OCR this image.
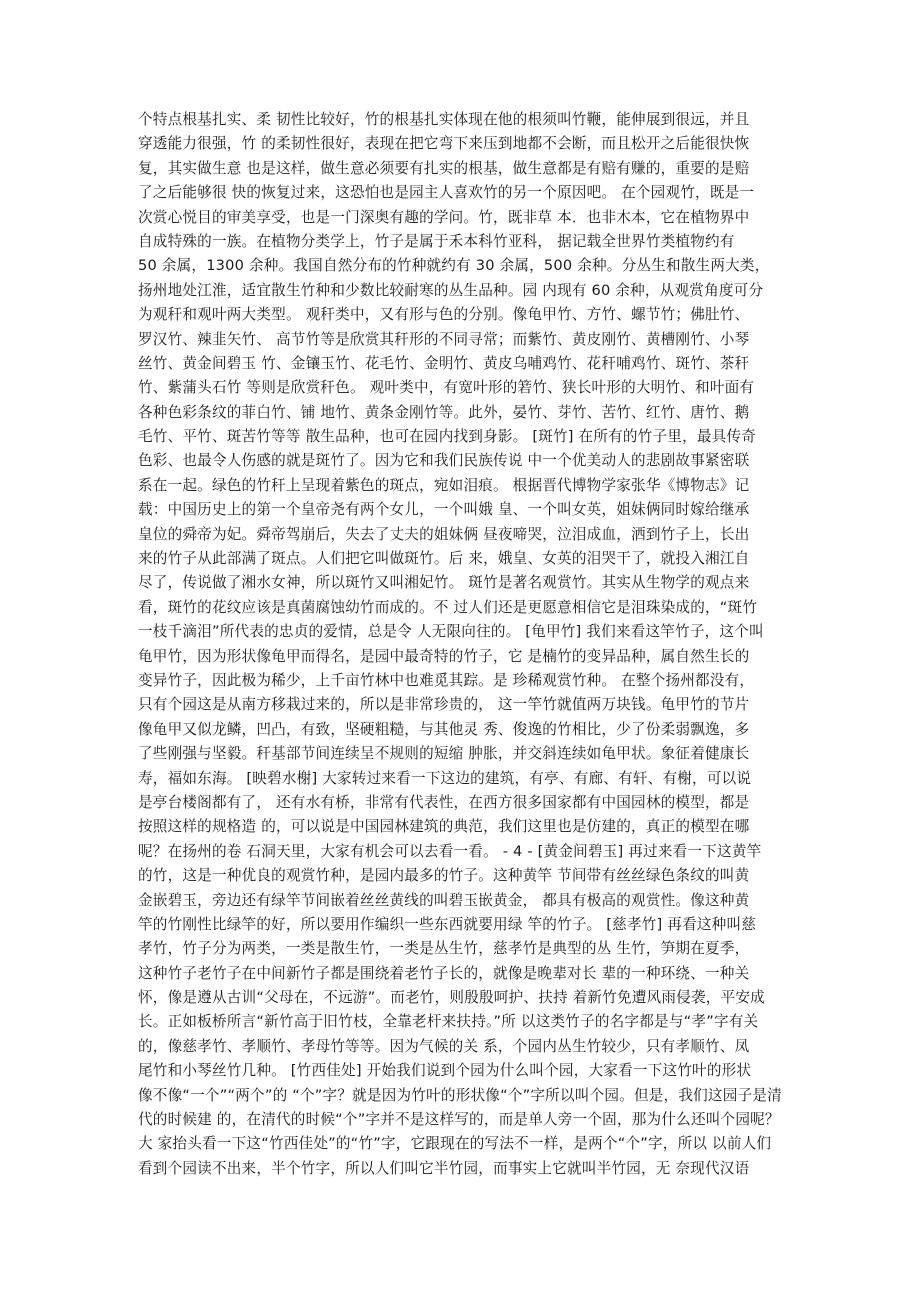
个特点根基扎实、柔 韧性比较好，竹的根基扎实体现在他的根须叫竹鞭，能伸展到很远，并且
穿透能力很强，竹 的柔韧性很好，表现在把它弯下来压到地都不会断，而且松开之后能很快恢
复，其实做生意 也是这样，做生意必须要有扎实的根基，做生意都是有赔有赚的，重要的是赔
了之后能够很 快的恢复过来，这恐怕也是园主人喜欢竹的另一个原因吧。 在个园观竹，既是一
次赏心悦目的审美享受，也是一门深奥有趣的学问。竹，既非草 本．也非木本，它在植物界中
自成特殊的一族。在植物分类学上，竹子是属于禾本科竹亚科， 据记载全世界竹类植物约有
50 余属，1300 余种。我国自然分布的竹种就约有 30 余属，500 余种。分丛生和散生两大类，
扬州地处江淮，适宜散生竹种和少数比较耐寒的丛生品种。园 内现有 60 余种，从观赏角度可分
为观秆和观叶两大类型。 观秆类中，又有形与色的分别。像龟甲竹、方竹、螺节竹；佛肚竹、
罗汉竹、辣韭矢竹、 高节竹等是欣赏其秆形的不同寻常；而紫竹、黄皮刚竹、黄槽刚竹、小琴
丝竹、黄金间碧玉 竹、金镶玉竹、花毛竹、金明竹、黄皮乌哺鸡竹、花秆哺鸡竹、斑竹、茶秆
竹、紫蒲头石竹 等则是欣赏秆色。 观叶类中，有宽叶形的箬竹、狭长叶形的大明竹、和叶面有
各种色彩条纹的菲白竹、铺 地竹、黄条金刚竹等。此外，晏竹、芽竹、苦竹、红竹、唐竹、鹅
毛竹、平竹、斑苦竹等等 散生品种，也可在园内找到身影。 [斑竹] 在所有的竹子里，最具传奇
色彩、也最令人伤感的就是斑竹了。因为它和我们民族传说 中一个优美动人的悲剧故事紧密联
系在一起。绿色的竹秆上呈现着紫色的斑点，宛如泪痕。 根据晋代博物学家张华《博物志》记
载：中国历史上的第一个皇帝尧有两个女儿，一个叫娥 皇、一个叫女英，姐妹俩同时嫁给继承
皇位的舜帝为妃。舜帝驾崩后，失去了丈夫的姐妹俩 昼夜啼哭，泣泪成血，洒到竹子上，长出
来的竹子从此部满了斑点。人们把它叫做斑竹。后 来，娥皇、女英的泪哭干了，就投入湘江自
尽了，传说做了湘水女神，所以斑竹又叫湘妃竹。 斑竹是著名观赏竹。其实从生物学的观点来
看，斑竹的花纹应该是真菌腐蚀幼竹而成的。不 过人们还是更愿意相信它是泪珠染成的，“斑竹
一枝千滴泪”所代表的忠贞的爱情，总是令 人无限向往的。 [龟甲竹] 我们来看这竿竹子，这个叫
龟甲竹，因为形状像龟甲而得名，是园中最奇特的竹子，它 是楠竹的变异品种，属自然生长的
变异竹子，因此极为稀少，上千亩竹林中也难觅其踪。是 珍稀观赏竹种。 在整个扬州都没有，
只有个园这是从南方移栽过来的，所以是非常珍贵的， 这一竿竹就值两万块钱。龟甲竹的节片
像龟甲又似龙鳞，凹凸，有致，坚硬粗糙，与其他灵 秀、俊逸的竹相比，少了份柔弱飘逸，多
了些刚强与坚毅。秆基部节间连续呈不规则的短缩 肿胀，并交斜连续如龟甲状。象征着健康长
寿，福如东海。 [映碧水榭] 大家转过来看一下这边的建筑，有亭、有廊、有轩、有榭，可以说
是亭台楼阁都有了， 还有水有桥，非常有代表性，在西方很多国家都有中国园林的模型，都是
按照这样的规格造 的，可以说是中国园林建筑的典范，我们这里也是仿建的，真正的模型在哪
呢？在扬州的卷 石洞天里，大家有机会可以去看一看。 - 4 - [黄金间碧玉] 再过来看一下这黄竿
的竹，这是一种优良的观赏竹种，是园内最多的竹子。这种黄竿 节间带有丝丝绿色条纹的叫黄
金嵌碧玉，旁边还有绿竿节间嵌着丝丝黄线的叫碧玉嵌黄金， 都具有极高的观赏性。像这种黄
竿的竹刚性比绿竿的好，所以要用作编织一些东西就要用绿 竿的竹子。 [慈孝竹] 再看这种叫慈
孝竹，竹子分为两类，一类是散生竹，一类是丛生竹，慈孝竹是典型的丛 生竹，笋期在夏季，
这种竹子老竹子在中间新竹子都是围绕着老竹子长的，就像是晚辈对长 辈的一种环绕、一种关
怀，像是遵从古训“父母在，不远游”。而老竹，则殷殷呵护、扶持 着新竹免遭风雨侵袭，平安成
长。正如板桥所言“新竹高于旧竹枝，全靠老杆来扶持。”所 以这类竹子的名字都是与“孝”字有关
的，像慈孝竹、孝顺竹、孝母竹等等。因为气候的关 系，个园内丛生竹较少，只有孝顺竹、凤
尾竹和小琴丝竹几种。 [竹西佳处] 开始我们说到个园为什么叫个园，大家看一下这竹叶的形状
像不像“一个”“两个”的 “个”字？就是因为竹叶的形状像“个”字所以叫个园。但是，我们这园子是清
代的时候建 的，在清代的时候“个”字并不是这样写的，而是单人旁一个固，那为什么还叫个园呢？
大 家抬头看一下这“竹西佳处”的“竹”字，它跟现在的写法不一样，是两个“个”字，所以 以前人们
看到个园读不出来，半个竹字，所以人们叫它半竹园，而事实上它就叫半竹园，无 奈现代汉语
